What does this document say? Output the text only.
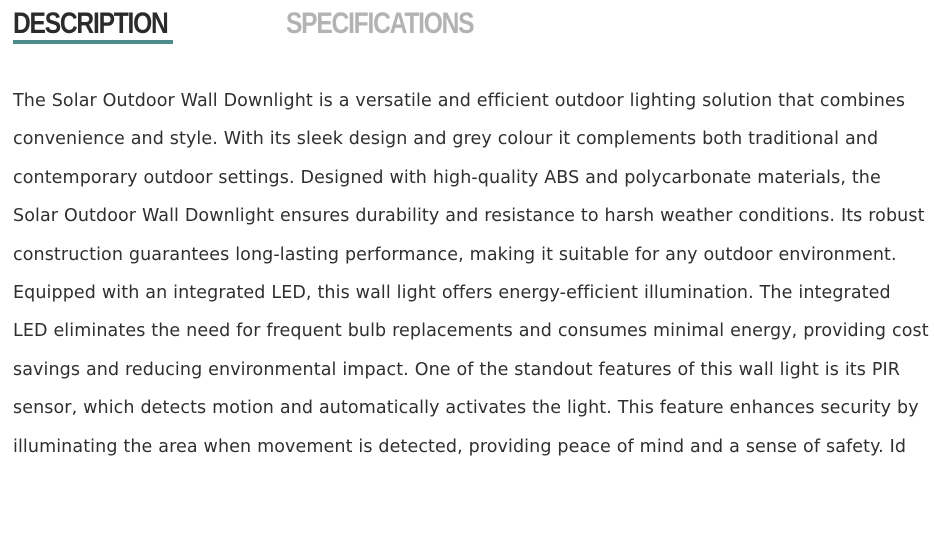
DESCRIPTION	SPECIFICATIONS

The Solar Outdoor Wall Downlight is a versatile and efficient outdoor lighting solution that combines convenience and style. With its sleek design and grey colour it complements both traditional and contemporary outdoor settings. Designed with high-quality ABS and polycarbonate materials, the Solar Outdoor Wall Downlight ensures durability and resistance to harsh weather conditions. Its robust construction guarantees long-lasting performance, making it suitable for any outdoor environment. Equipped with an integrated LED, this wall light offers energy-efficient illumination. The integrated LED eliminates the need for frequent bulb replacements and consumes minimal energy, providing cost savings and reducing environmental impact. One of the standout features of this wall light is its PIR sensor, which detects motion and automatically activates the light. This feature enhances security by illuminating the area when movement is detected, providing peace of mind and a sense of safety. Id
